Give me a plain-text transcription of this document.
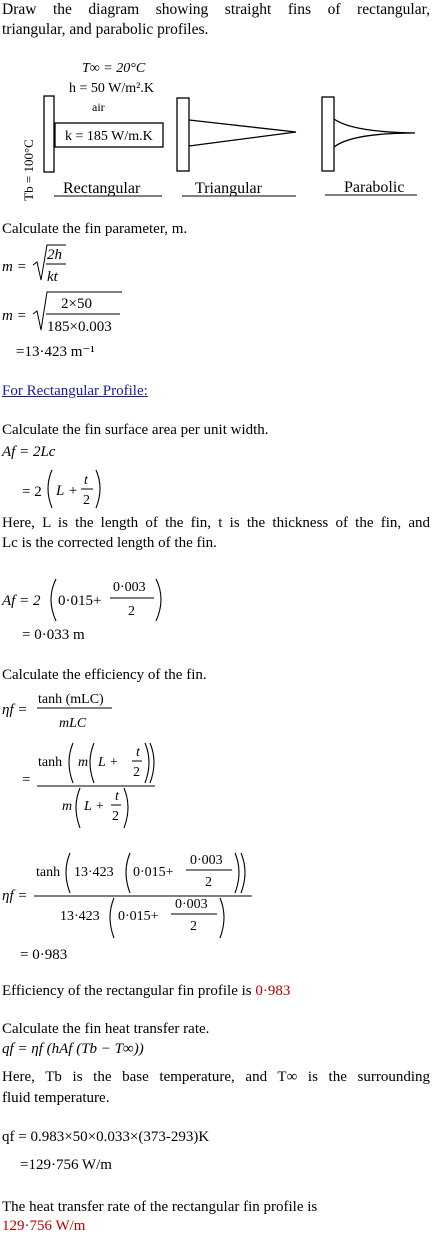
Draw the diagram showing straight fins of rectangular,
triangular, and parabolic profiles.
Tb = 100°C
T∞ = 20°C
h = 50 W/m².K
air
k = 185 W/m.K
Rectangular	Triangular	Parabolic
Calculate the fin parameter, m.
m =
2h
kt
m =
2×50
185×0.003
=13·423 m⁻¹
For Rectangular Profile:
Calculate the fin surface area per unit width.
Af = 2Lc
= 2 L +
t
2
Here, L is the length of the fin, t is the thickness of the fin, and
Lc is the corrected length of the fin.
Af = 2 0·015+
0·003
2
= 0·033 m
Calculate the efficiency of the fin.
ηf =
tanh (mLC)
mLC
=
tanh m L +
t
2
m L +
t
2
ηf =
tanh 13·423 0·015+
0·003
2
13·423 0·015+
0·003
2
= 0·983
Efficiency of the rectangular fin profile is 0·983
Calculate the fin heat transfer rate.
qf = ηf (hAf (Tb − T∞))
Here, Tb is the base temperature, and T∞ is the surrounding
fluid temperature.
qf = 0.983×50×0.033×(373-293)K
=129·756 W/m
The heat transfer rate of the rectangular fin profile is
129·756 W/m
